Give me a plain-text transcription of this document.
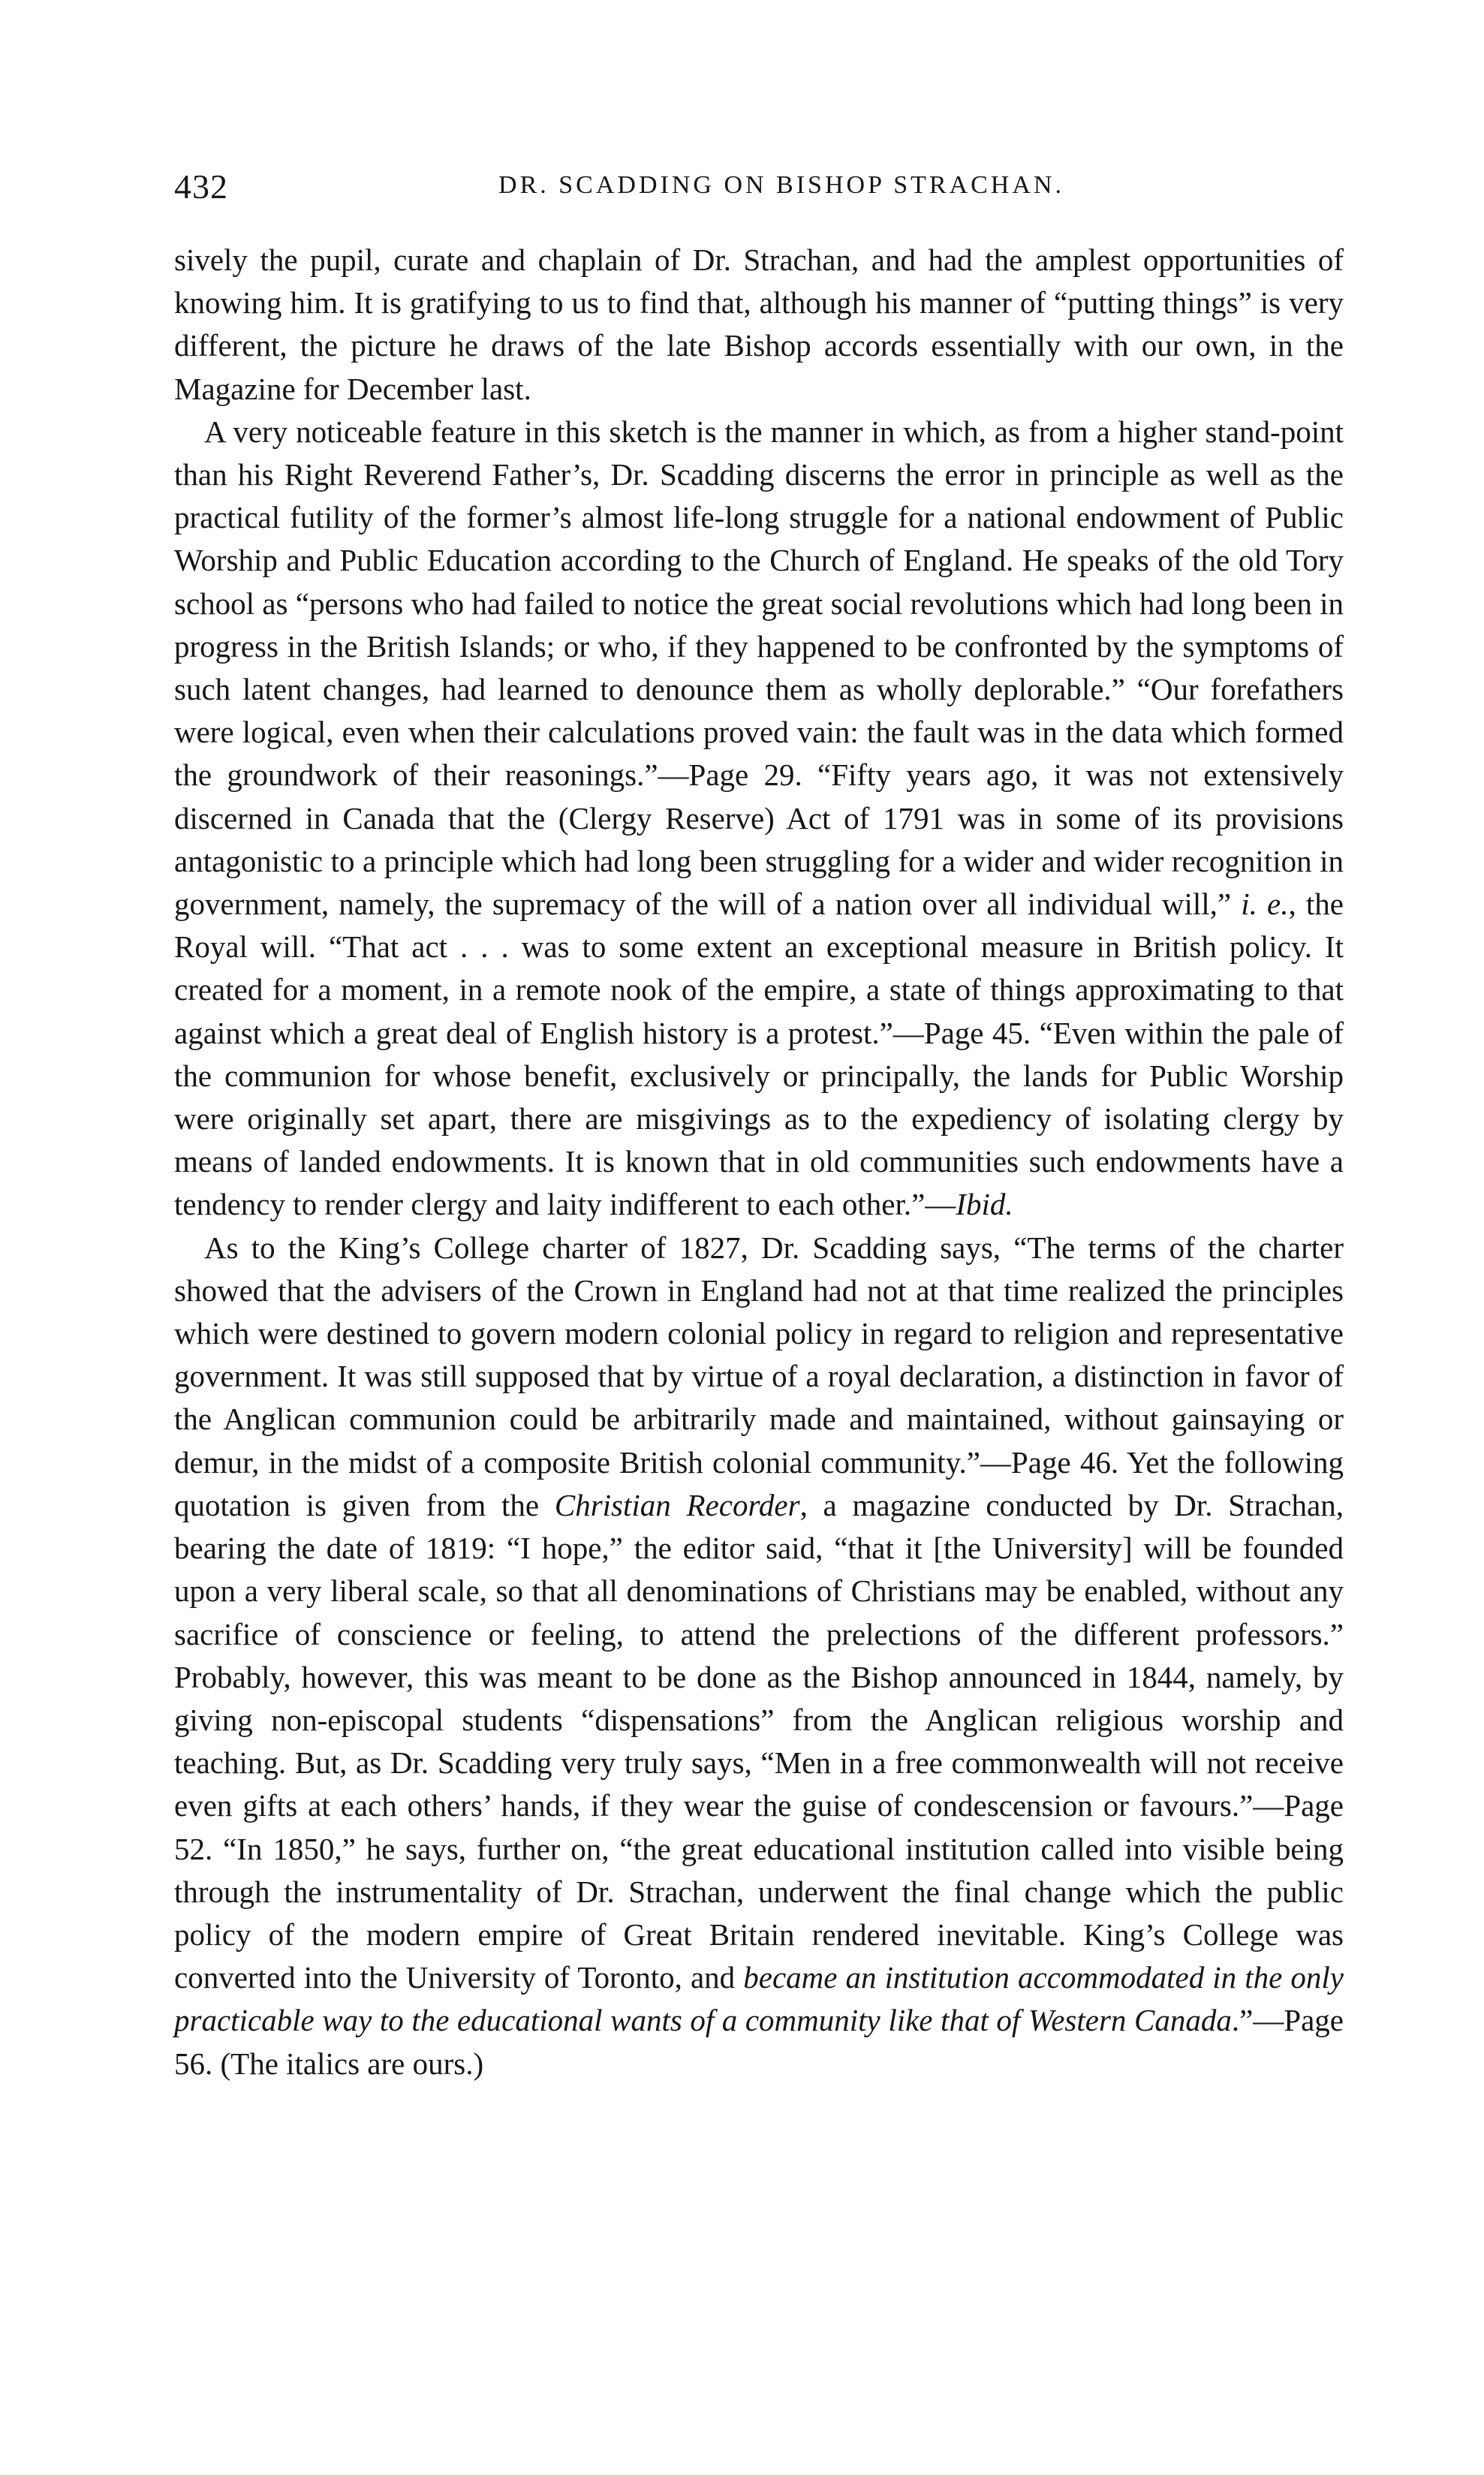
432	DR. SCADDING ON BISHOP STRACHAN.

sively the pupil, curate and chaplain of Dr. Strachan, and had the amplest opportunities of knowing him. It is gratifying to us to find that, although his manner of “putting things” is very different, the picture he draws of the late Bishop accords essentially with our own, in the Magazine for December last.

A very noticeable feature in this sketch is the manner in which, as from a higher stand-point than his Right Reverend Father’s, Dr. Scadding discerns the error in principle as well as the practical futility of the former’s almost life-long struggle for a national endowment of Public Worship and Public Education according to the Church of England. He speaks of the old Tory school as “persons who had failed to notice the great social revolutions which had long been in progress in the British Islands; or who, if they happened to be confronted by the symptoms of such latent changes, had learned to denounce them as wholly deplorable.” “Our forefathers were logical, even when their calculations proved vain: the fault was in the data which formed the groundwork of their reasonings.”—Page 29. “Fifty years ago, it was not extensively discerned in Canada that the (Clergy Reserve) Act of 1791 was in some of its provisions antagonistic to a principle which had long been struggling for a wider and wider recognition in government, namely, the supremacy of the will of a nation over all individual will,” i. e., the Royal will. “That act . . . was to some extent an exceptional measure in British policy. It created for a moment, in a remote nook of the empire, a state of things approximating to that against which a great deal of English history is a protest.”—Page 45. “Even within the pale of the communion for whose benefit, exclusively or principally, the lands for Public Worship were originally set apart, there are misgivings as to the expediency of isolating clergy by means of landed endowments. It is known that in old communities such endowments have a tendency to render clergy and laity indifferent to each other.”—Ibid.

As to the King’s College charter of 1827, Dr. Scadding says, “The terms of the charter showed that the advisers of the Crown in England had not at that time realized the principles which were destined to govern modern colonial policy in regard to religion and representative government. It was still supposed that by virtue of a royal declaration, a distinction in favor of the Anglican communion could be arbitrarily made and maintained, without gainsaying or demur, in the midst of a composite British colonial community.”—Page 46. Yet the following quotation is given from the Christian Recorder, a magazine conducted by Dr. Strachan, bearing the date of 1819: “I hope,” the editor said, “that it [the University] will be founded upon a very liberal scale, so that all denominations of Christians may be enabled, without any sacrifice of conscience or feeling, to attend the prelections of the different professors.” Probably, however, this was meant to be done as the Bishop announced in 1844, namely, by giving non-episcopal students “dispensations” from the Anglican religious worship and teaching. But, as Dr. Scadding very truly says, “Men in a free commonwealth will not receive even gifts at each others’ hands, if they wear the guise of condescension or favours.”—Page 52. “In 1850,” he says, further on, “the great educational institution called into visible being through the instrumentality of Dr. Strachan, underwent the final change which the public policy of the modern empire of Great Britain rendered inevitable. King’s College was converted into the University of Toronto, and became an institution accommodated in the only practicable way to the educational wants of a community like that of Western Canada.”—Page 56. (The italics are ours.)
